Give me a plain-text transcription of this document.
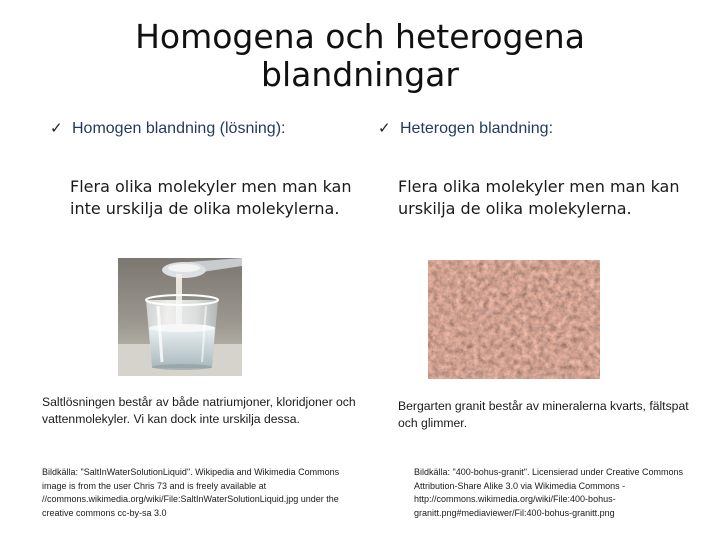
Homogena och heterogena
blandningar
✓ Homogen blandning (lösning):
Flera olika molekyler men man kan inte urskilja de olika molekylerna.
Saltlösningen består av både natriumjoner, kloridjoner och vattenmolekyler. Vi kan dock inte urskilja dessa.
Bildkälla: "SaltInWaterSolutionLiquid". Wikipedia and Wikimedia Commons image is from the user Chris 73 and is freely available at //commons.wikimedia.org/wiki/File:SaltInWaterSolutionLiquid.jpg under the creative commons cc-by-sa 3.0
✓ Heterogen blandning:
Flera olika molekyler men man kan urskilja de olika molekylerna.
Bergarten granit består av mineralerna kvarts, fältspat och glimmer.
Bildkälla: "400-bohus-granit". Licensierad under Creative Commons Attribution-Share Alike 3.0 via Wikimedia Commons - http://commons.wikimedia.org/wiki/File:400-bohus-granitt.png#mediaviewer/Fil:400-bohus-granitt.png
